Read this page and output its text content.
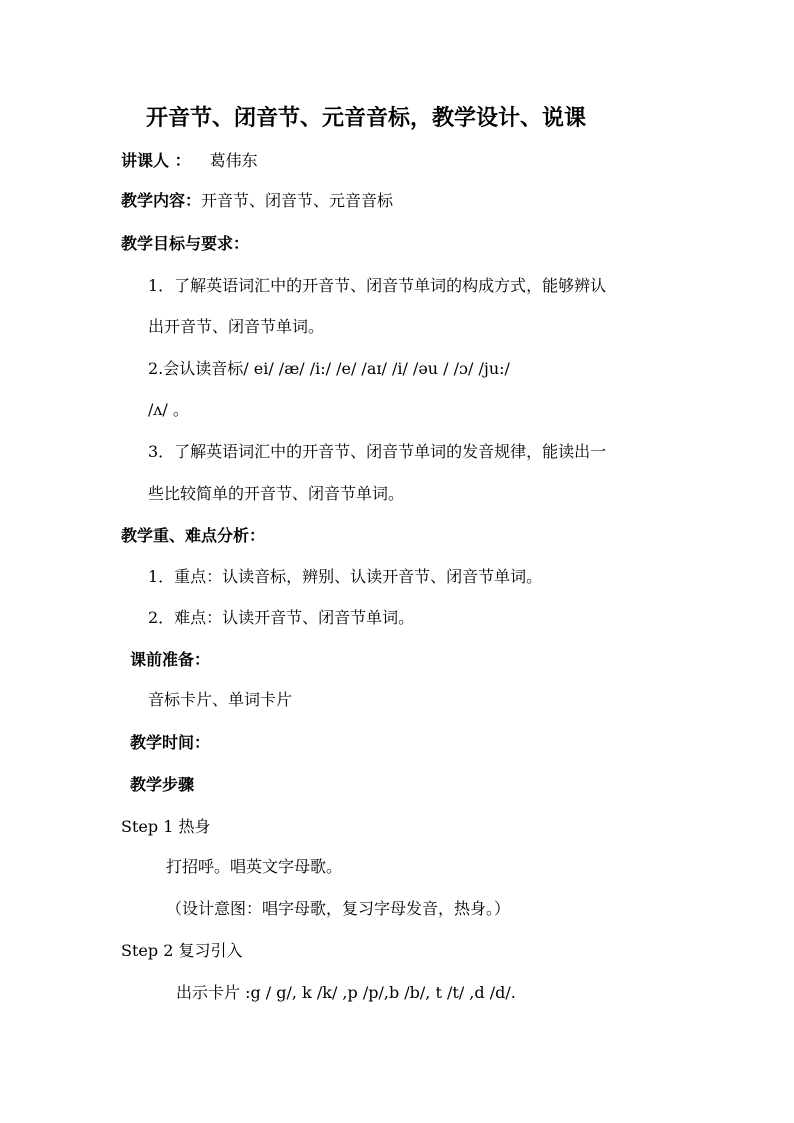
开音节、闭音节、元音音标，教学设计、说课
讲课人 ： 葛伟东
教学内容：开音节、闭音节、元音音标
教学目标与要求：
1．了解英语词汇中的开音节、闭音节单词的构成方式，能够辨认
出开音节、闭音节单词。
2.会认读音标/ ei/ /ӕ/ /i:/ /e/ /aɪ/ /i/ /əu / /ɔ/ /ju:/
/ʌ/ 。
3．了解英语词汇中的开音节、闭音节单词的发音规律，能读出一
些比较简单的开音节、闭音节单词。
教学重、难点分析：
1．重点：认读音标，辨别、认读开音节、闭音节单词。
2．难点：认读开音节、闭音节单词。
课前准备：
音标卡片、单词卡片
教学时间：
教学步骤
Step 1 热身
打招呼。唱英文字母歌。
（设计意图：唱字母歌，复习字母发音，热身。）
Step 2 复习引入
出示卡片 :g / g/, k /k/ ,p /p/,b /b/, t /t/ ,d /d/.
